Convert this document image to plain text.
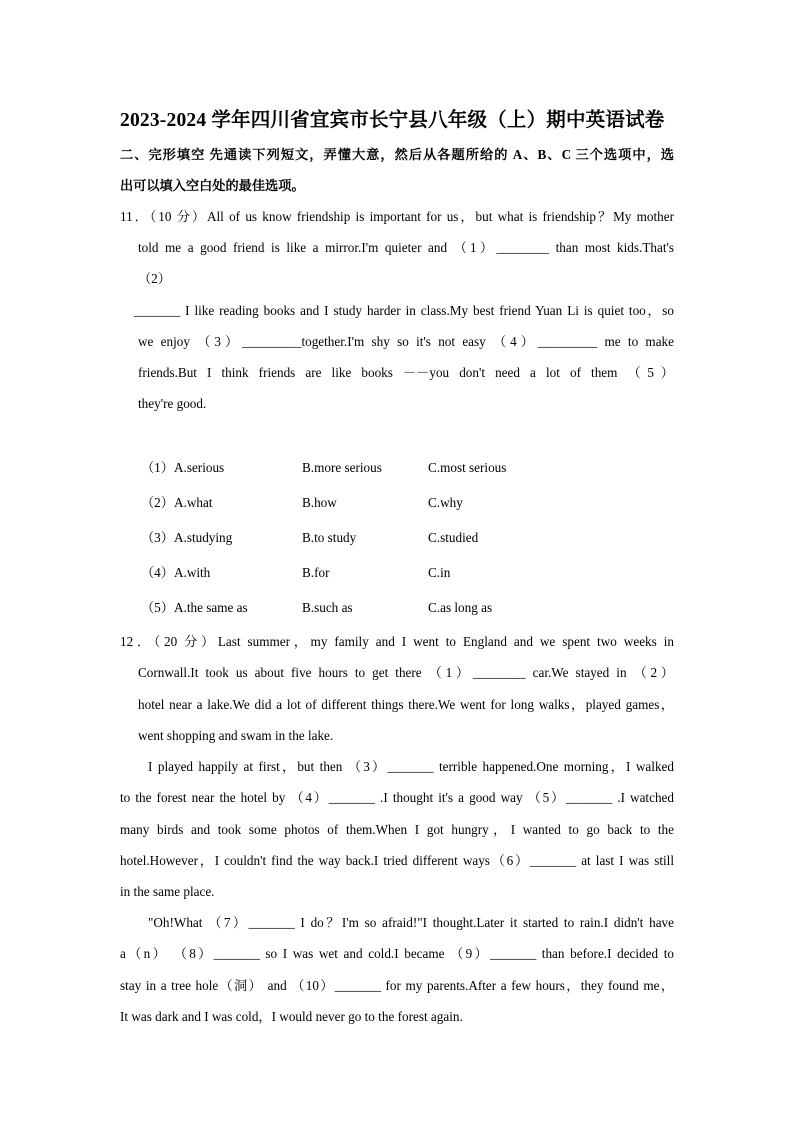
2023-2024 学年四川省宜宾市长宁县八年级（上）期中英语试卷
二、完形填空 先通读下列短文，弄懂大意，然后从各题所给的 A、B、C 三个选项中，选
出可以填入空白处的最佳选项。
11．（10 分）All of us know friendship is important for us，but what is friendship？My mother
told me a good friend is like a mirror.I'm quieter and （1）________ than most kids.That's
（2）
_______ I like reading books and I study harder in class.My best friend Yuan Li is quiet too，so
we enjoy （3）_________together.I'm shy so it's not easy （4）_________ me to make
friends.But I think friends are like books －－you don't need a lot of them （5）
they're good.
（1） A.serious	B.more serious	C.most serious
（2） A.what	B.how	C.why
（3） A.studying	B.to study	C.studied
（4） A.with	B.for	C.in
（5） A.the same as	B.such as	C.as long as
12．（20 分）Last summer，my family and I went to England and we spent two weeks in
Cornwall.It took us about five hours to get there （1）________ car.We stayed in （2）
hotel near a lake.We did a lot of different things there.We went for long walks，played games，
went shopping and swam in the lake.
I played happily at first，but then （3）_______ terrible happened.One morning，I walked
to the forest near the hotel by （4）_______ .I thought it's a good way （5）_______ .I watched
many birds and took some photos of them.When I got hungry，I wanted to go back to the
hotel.However，I couldn't find the way back.I tried different ways（6）_______ at last I was still
in the same place.
"Oh!What （7）_______ I do？I'm so afraid!"I thought.Later it started to rain.I didn't have
a（n） （8）_______ so I was wet and cold.I became （9）_______ than before.I decided to
stay in a tree hole（洞） and （10）_______ for my parents.After a few hours，they found me，
It was dark and I was cold，I would never go to the forest again.
